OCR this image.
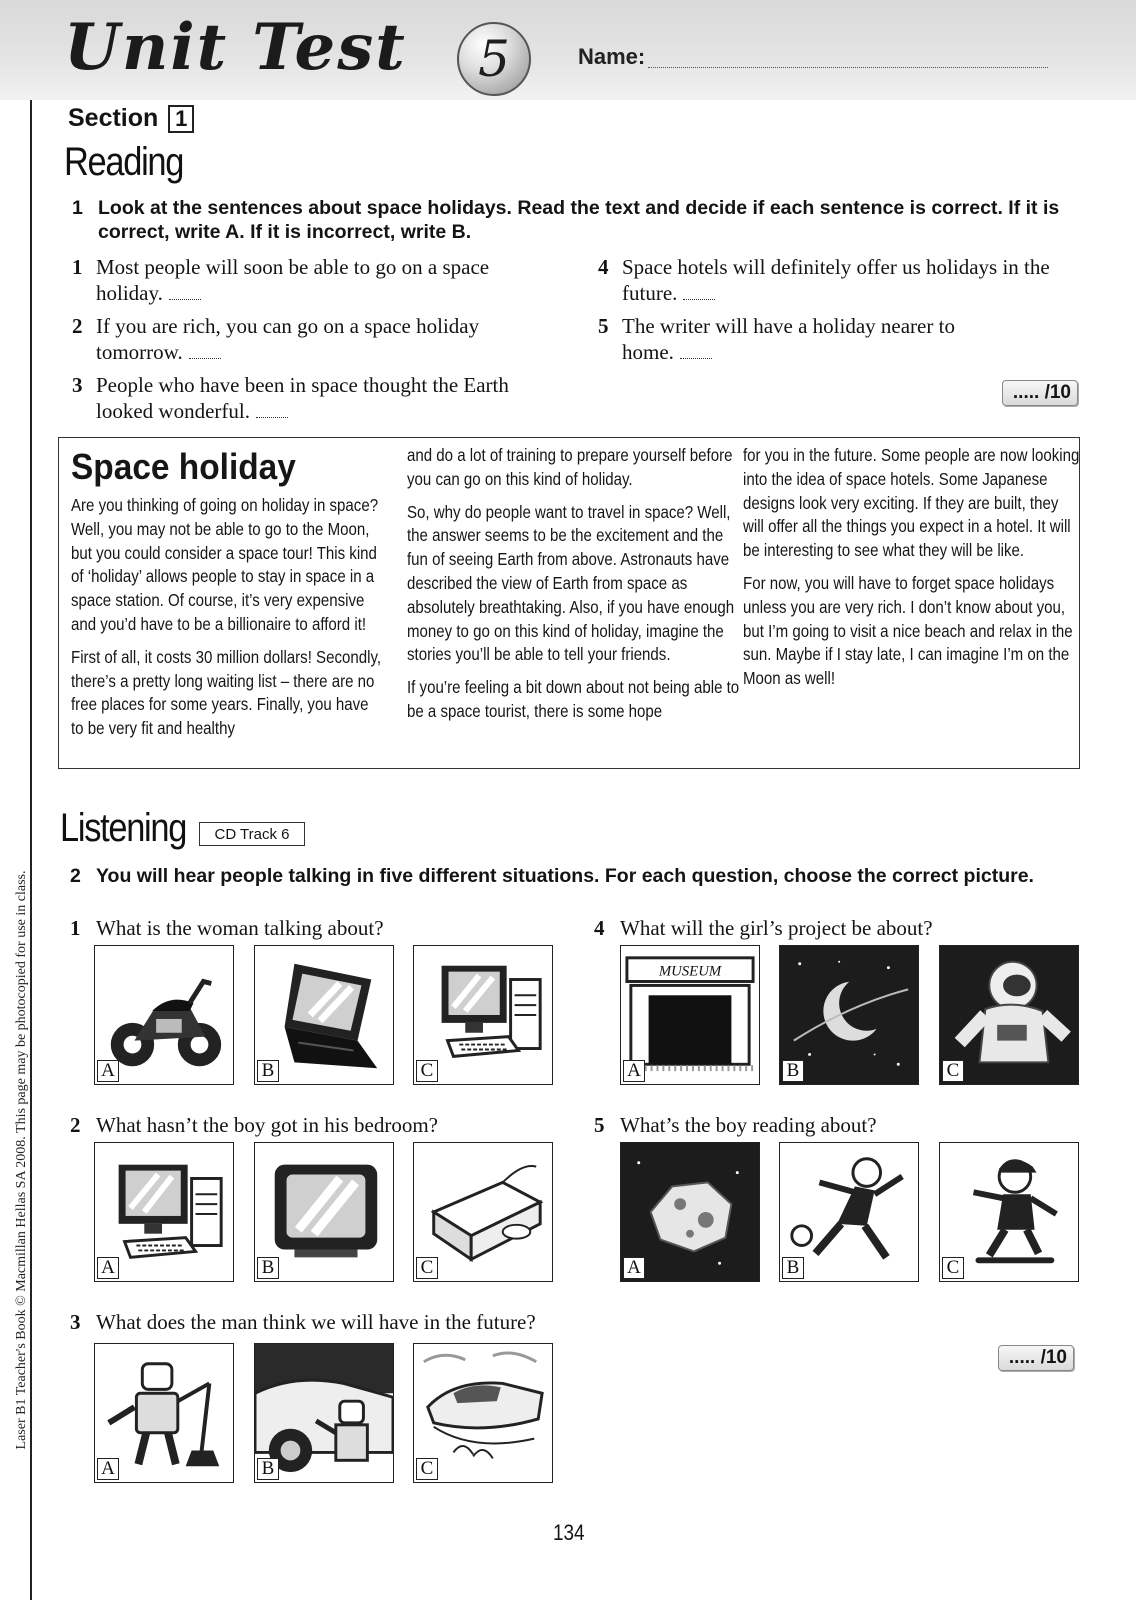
Unit Test	5	Name:
Laser B1 Teacher's Book © Macmillan Hellas SA 2008. This page may be photocopied for use in class.
Section 1
Reading
1 Look at the sentences about space holidays. Read the text and decide if each sentence is correct. If it is correct, write A. If it is incorrect, write B.
1 Most people will soon be able to go on a space holiday.
2 If you are rich, you can go on a space holiday tomorrow.
3 People who have been in space thought the Earth looked wonderful.
4 Space hotels will definitely offer us holidays in the future.
5 The writer will have a holiday nearer to home.
..... /10
Space holiday

Are you thinking of going on holiday in space? Well, you may not be able to go to the Moon, but you could consider a space tour! This kind of ‘holiday’ allows people to stay in space in a space station. Of course, it’s very expensive and you’d have to be a billionaire to afford it!

First of all, it costs 30 million dollars! Secondly, there’s a pretty long waiting list – there are no free places for some years. Finally, you have to be very fit and healthy

and do a lot of training to prepare yourself before you can go on this kind of holiday.

So, why do people want to travel in space? Well, the answer seems to be the excitement and the fun of seeing Earth from above. Astronauts have described the view of Earth from space as absolutely breathtaking. Also, if you have enough money to go on this kind of holiday, imagine the stories you’ll be able to tell your friends.

If you’re feeling a bit down about not being able to be a space tourist, there is some hope

for you in the future. Some people are now looking into the idea of space hotels. Some Japanese designs look very exciting. If they are built, they will offer all the things you expect in a hotel. It will be interesting to see what they will be like.

For now, you will have to forget space holidays unless you are very rich. I don’t know about you, but I’m going to visit a nice beach and relax in the sun. Maybe if I stay late, I can imagine I’m on the Moon as well!

Listening	CD Track 6
2 You will hear people talking in five different situations. For each question, choose the correct picture.
1 What is the woman talking about?
A	B	C
4 What will the girl’s project be about?
MUSEUM
A	B	C
2 What hasn’t the boy got in his bedroom?
A	B	C
5 What’s the boy reading about?
A	B	C
3 What does the man think we will have in the future?
A	B	C
..... /10
134
